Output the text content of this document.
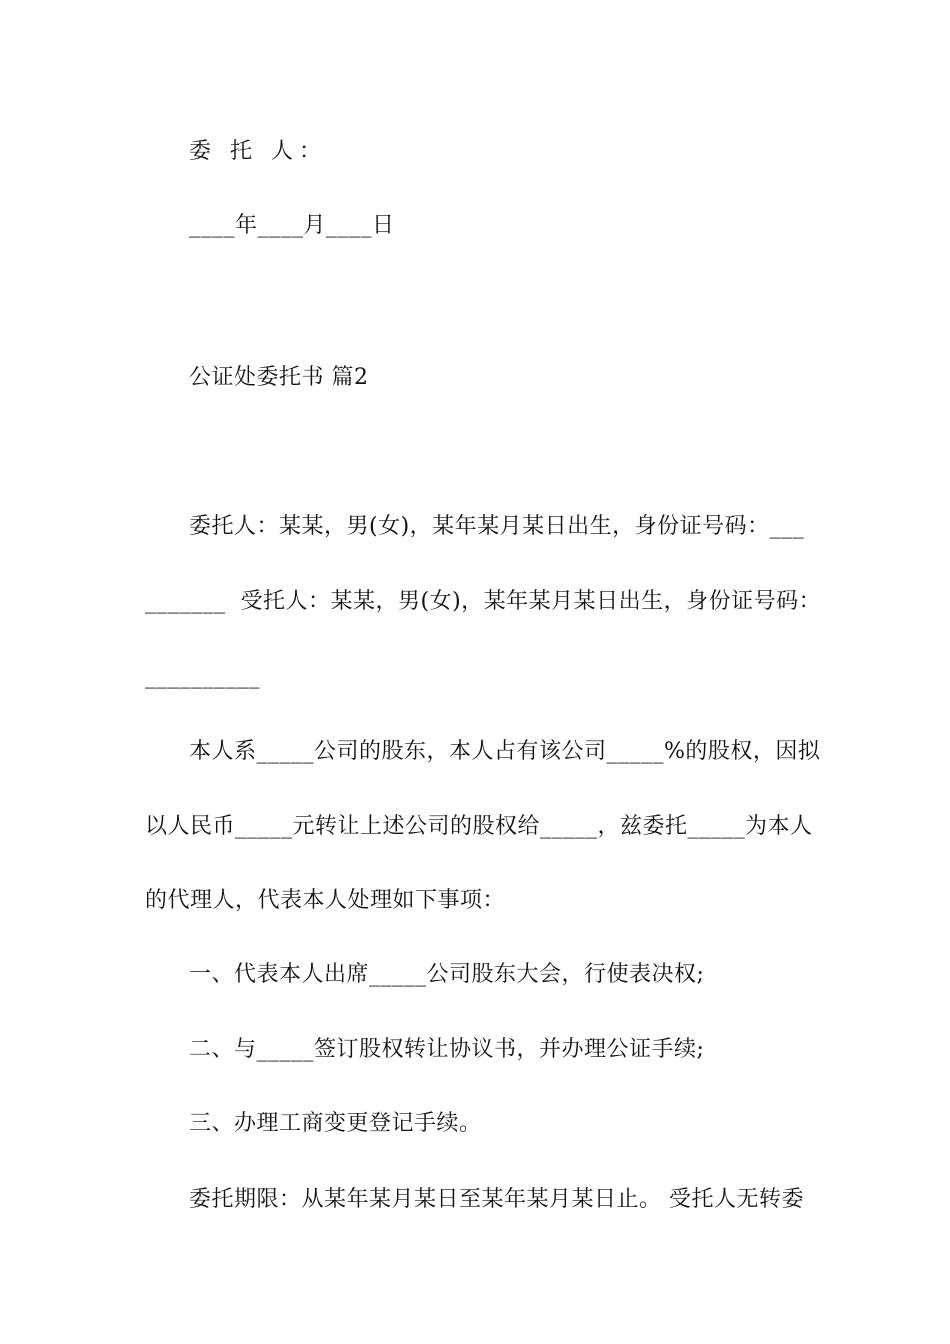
委 托 人：
____年____月____日
公证处委托书 篇2
委托人：某某，男(女)，某年某月某日出生，身份证号码：___
_______  受托人：某某，男(女)，某年某月某日出生，身份证号码：
__________
本人系_____公司的股东，本人占有该公司_____%的股权，因拟
以人民币_____元转让上述公司的股权给_____，兹委托_____为本人
的代理人，代表本人处理如下事项：
一、代表本人出席_____公司股东大会，行使表决权;
二、与_____签订股权转让协议书，并办理公证手续;
三、办理工商变更登记手续。
委托期限：从某年某月某日至某年某月某日止。 受托人无转委
